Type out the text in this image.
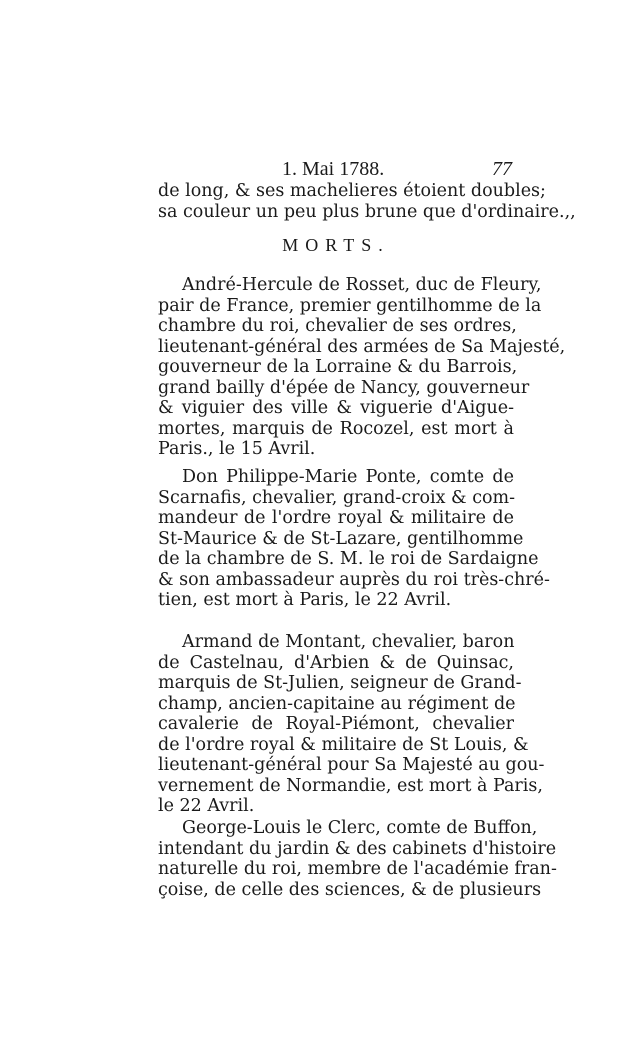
1. Mai 1788.	77
de long, & ses machelieres étoient doubles;
sa couleur un peu plus brune que d'ordinaire.,,
MORTS.
André-Hercule de Rosset, duc de Fleury,
pair de France, premier gentilhomme de la
chambre du roi, chevalier de ses ordres,
lieutenant-général des armées de Sa Majesté,
gouverneur de la Lorraine & du Barrois,
grand bailly d'épée de Nancy, gouverneur
& viguier des ville & viguerie d'Aigue-
mortes, marquis de Rocozel, est mort à
Paris., le 15 Avril.
Don Philippe-Marie Ponte, comte de
Scarnafis, chevalier, grand-croix & com-
mandeur de l'ordre royal & militaire de
St-Maurice & de St-Lazare, gentilhomme
de la chambre de S. M. le roi de Sardaigne
& son ambassadeur auprès du roi très-chré-
tien, est mort à Paris, le 22 Avril.
Armand de Montant, chevalier, baron
de Castelnau, d'Arbien & de Quinsac,
marquis de St-Julien, seigneur de Grand-
champ, ancien-capitaine au régiment de
cavalerie de Royal-Piémont, chevalier
de l'ordre royal & militaire de St Louis, &
lieutenant-général pour Sa Majesté au gou-
vernement de Normandie, est mort à Paris,
le 22 Avril.
George-Louis le Clerc, comte de Buffon,
intendant du jardin & des cabinets d'histoire
naturelle du roi, membre de l'académie fran-
çoise, de celle des sciences, & de plusieurs
